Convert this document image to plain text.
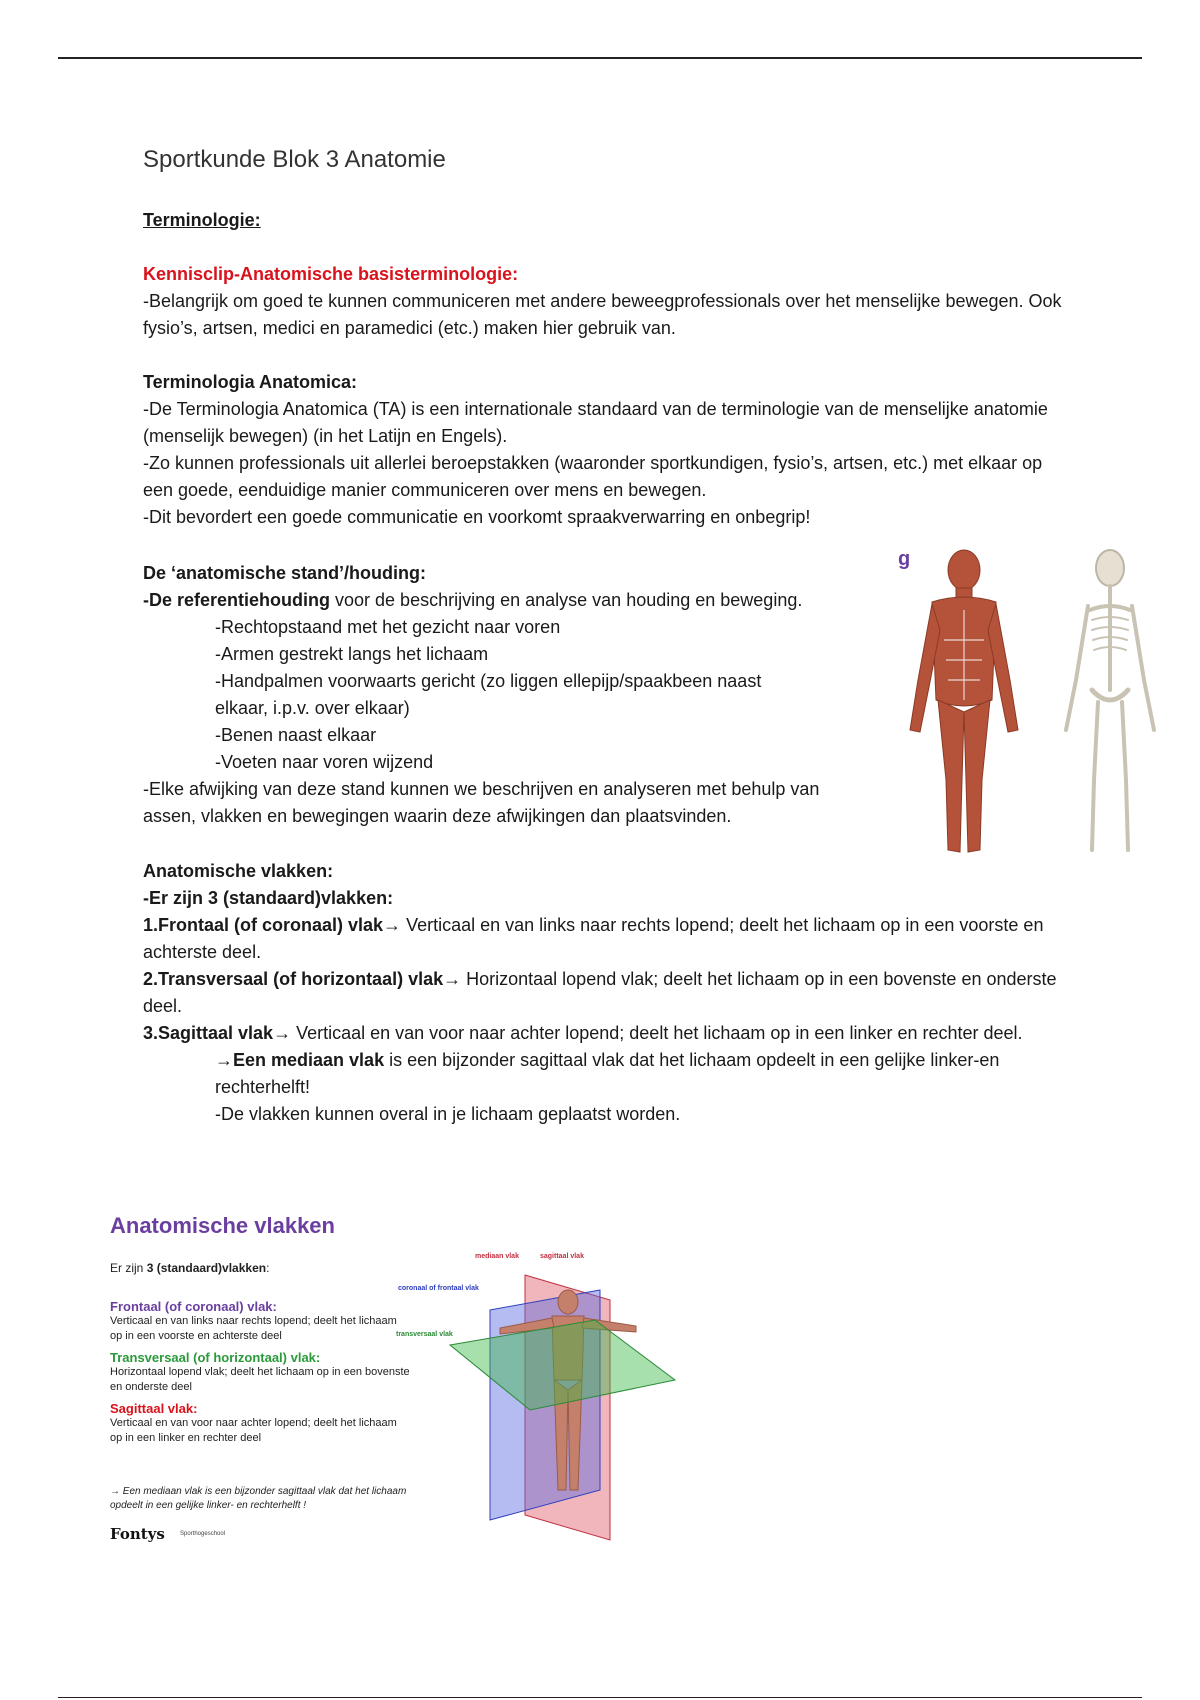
Sportkunde Blok 3 Anatomie

Terminologie:

Kennisclip-Anatomische basisterminologie:

-Belangrijk om goed te kunnen communiceren met andere beweegprofessionals over het menselijke bewegen. Ook fysio’s, artsen, medici en paramedici (etc.) maken hier gebruik van.

Terminologia Anatomica:

-De Terminologia Anatomica (TA) is een internationale standaard van de terminologie van de menselijke anatomie (menselijk bewegen) (in het Latijn en Engels).

-Zo kunnen professionals uit allerlei beroepstakken (waaronder sportkundigen, fysio’s, artsen, etc.) met elkaar op een goede, eenduidige manier communiceren over mens en bewegen.

-Dit bevordert een goede communicatie en voorkomt spraakverwarring en onbegrip!

De ‘anatomische stand’/houding:

-De referentiehouding voor de beschrijving en analyse van houding en beweging.

-Rechtopstaand met het gezicht naar voren

-Armen gestrekt langs het lichaam

-Handpalmen voorwaarts gericht (zo liggen ellepijp/spaakbeen naast elkaar, i.p.v. over elkaar)

-Benen naast elkaar

-Voeten naar voren wijzend

-Elke afwijking van deze stand kunnen we beschrijven en analyseren met behulp van assen, vlakken en bewegingen waarin deze afwijkingen dan plaatsvinden.

g

Anatomische vlakken:

-Er zijn 3 (standaard)vlakken:

1.Frontaal (of coronaal) vlak→ Verticaal en van links naar rechts lopend; deelt het lichaam op in een voorste en achterste deel.

2.Transversaal (of horizontaal) vlak→ Horizontaal lopend vlak; deelt het lichaam op in een bovenste en onderste deel.

3.Sagittaal vlak→ Verticaal en van voor naar achter lopend; deelt het lichaam op in een linker en rechter deel.

→Een mediaan vlak is een bijzonder sagittaal vlak dat het lichaam opdeelt in een gelijke linker-en rechterhelft!

-De vlakken kunnen overal in je lichaam geplaatst worden.

Anatomische vlakken
Er zijn 3 (standaard)vlakken:
Frontaal (of coronaal) vlak:
Verticaal en van links naar rechts lopend; deelt het lichaam op in een voorste en achterste deel
Transversaal (of horizontaal) vlak:
Horizontaal lopend vlak; deelt het lichaam op in een bovenste en onderste deel
Sagittaal vlak:
Verticaal en van voor naar achter lopend; deelt het lichaam op in een linker en rechter deel
→ Een mediaan vlak is een bijzonder sagittaal vlak dat het lichaam opdeelt in een gelijke linker- en rechterhelft !
Fontys	Sporthogeschool
mediaan vlak	sagittaal vlak
coronaal of frontaal vlak
transversaal vlak
